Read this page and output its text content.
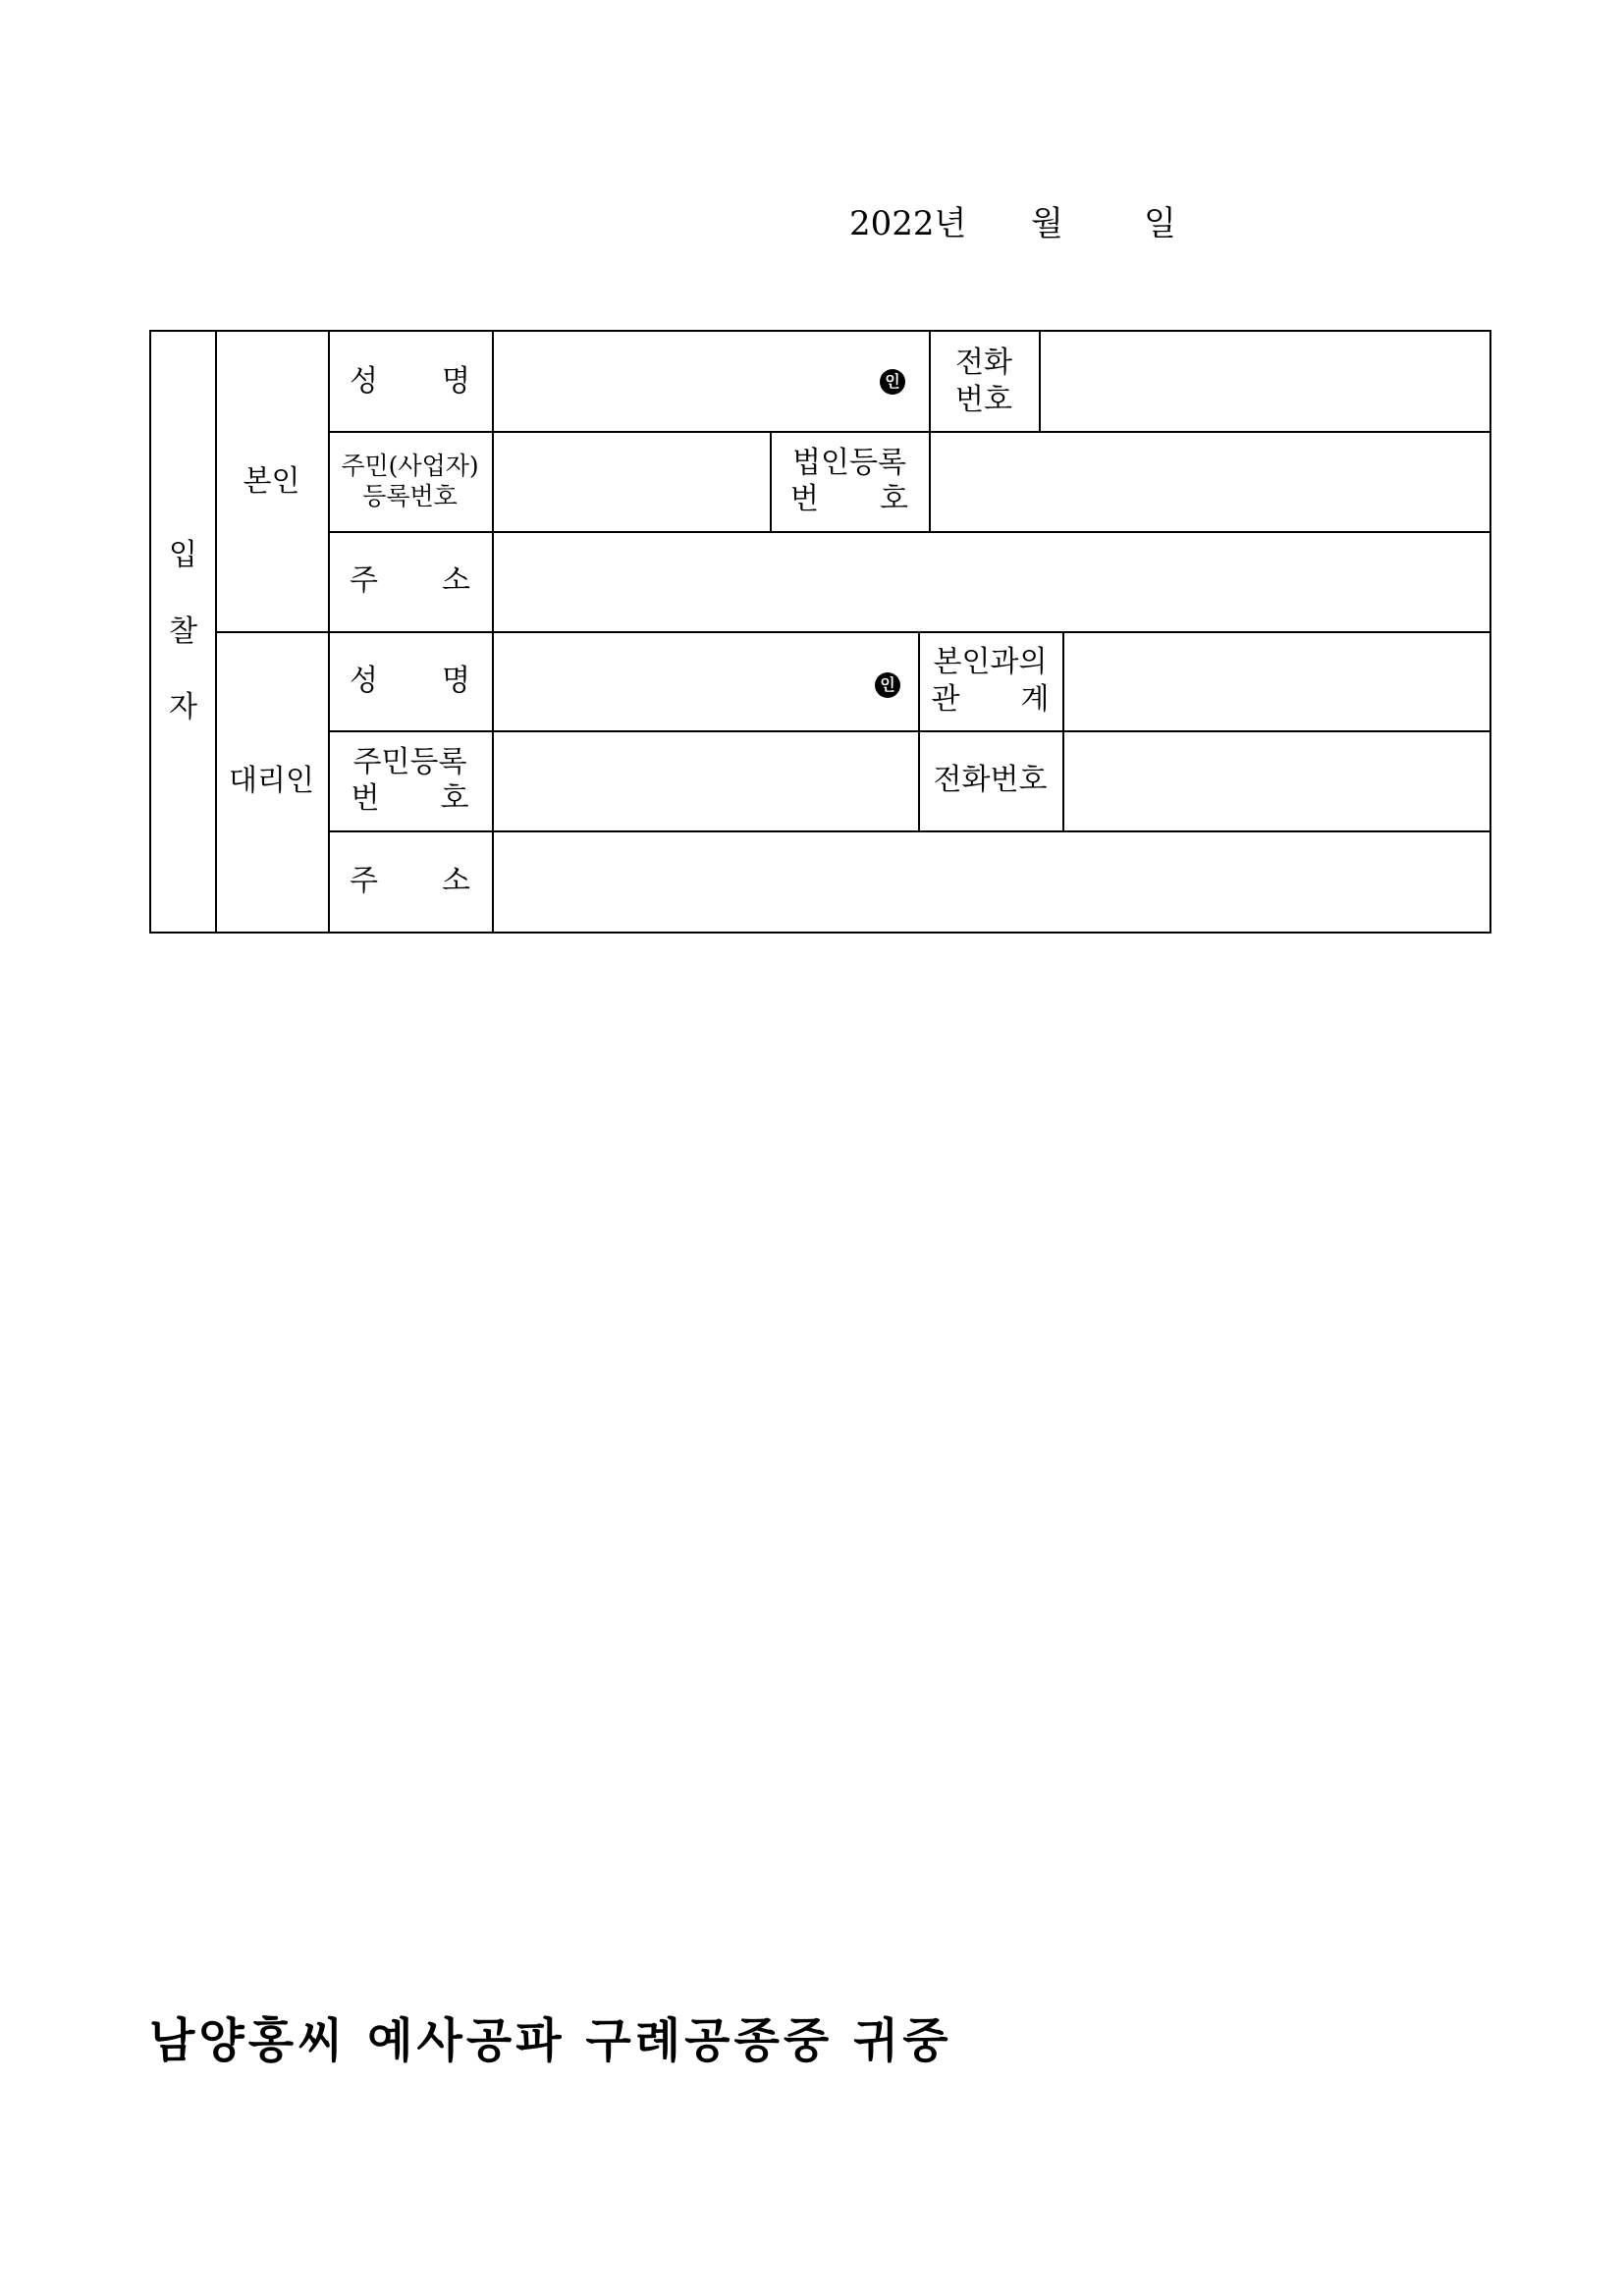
2022년 월 일
입
찰
자
본인
대리인
성 명	인
전화
번호
주민(사업자)
등록번호
법인등록
번 호
주 소
성 명	인
본인과의
관 계
주민등록
번 호
전화번호
주 소
남양홍씨 예사공파 구례공종중 귀중
